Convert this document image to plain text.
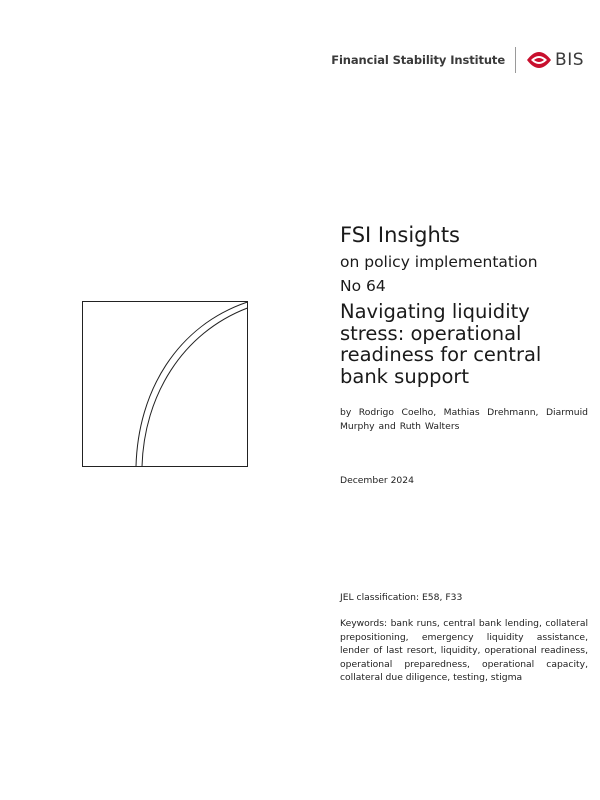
Financial Stability Institute	BIS
FSI Insights
on policy implementation
No 64
Navigating liquidity stress: operational readiness for central bank support
by Rodrigo Coelho, Mathias Drehmann, Diarmuid Murphy and Ruth Walters
December 2024
JEL classification: E58, F33
Keywords: bank runs, central bank lending, collateral prepositioning, emergency liquidity assistance, lender of last resort, liquidity, operational readiness, operational preparedness, operational capacity, collateral due diligence, testing, stigma
